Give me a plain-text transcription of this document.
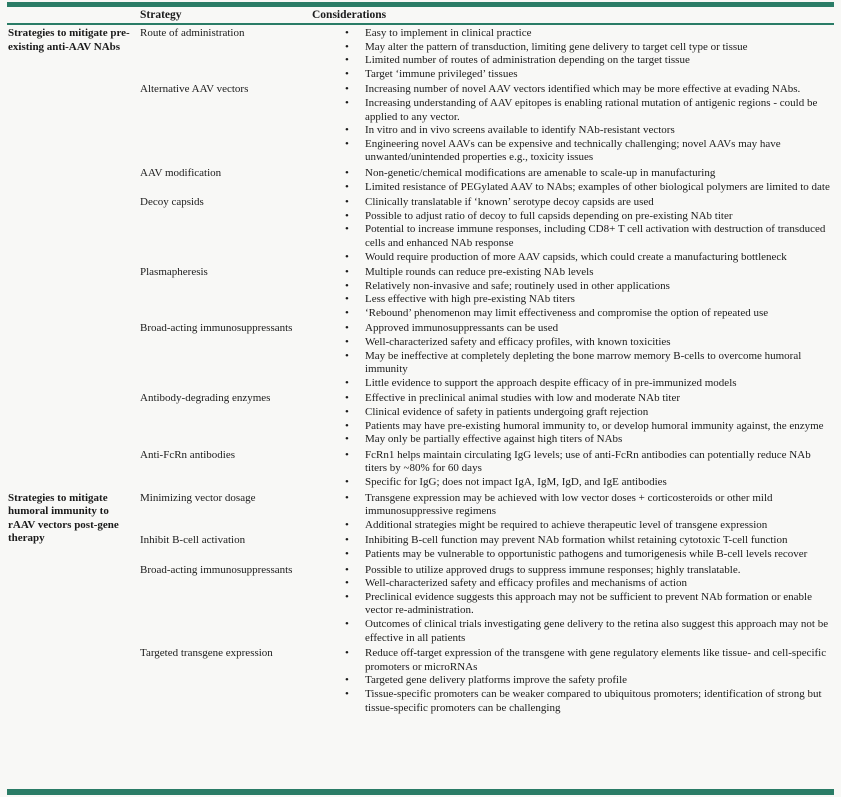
Strategy	Considerations
Strategies to mitigate pre-existing anti-AAV NAbs
Route of administration	•	Easy to implement in clinical practice
•	May alter the pattern of transduction, limiting gene delivery to target cell type or tissue
•	Limited number of routes of administration depending on the target tissue
•	Target ‘immune privileged’ tissues
Alternative AAV vectors	•	Increasing number of novel AAV vectors identified which may be more effective at evading NAbs.
•	Increasing understanding of AAV epitopes is enabling rational mutation of antigenic regions - could be applied to any vector.
•	In vitro and in vivo screens available to identify NAb-resistant vectors
•	Engineering novel AAVs can be expensive and technically challenging; novel AAVs may have unwanted/unintended properties e.g., toxicity issues
AAV modification	•	Non-genetic/chemical modifications are amenable to scale-up in manufacturing
•	Limited resistance of PEGylated AAV to NAbs; examples of other biological polymers are limited to date
Decoy capsids	•	Clinically translatable if ‘known’ serotype decoy capsids are used
•	Possible to adjust ratio of decoy to full capsids depending on pre-existing NAb titer
•	Potential to increase immune responses, including CD8+ T cell activation with destruction of transduced cells and enhanced NAb response
•	Would require production of more AAV capsids, which could create a manufacturing bottleneck
Plasmapheresis	•	Multiple rounds can reduce pre-existing NAb levels
•	Relatively non-invasive and safe; routinely used in other applications
•	Less effective with high pre-existing NAb titers
•	‘Rebound’ phenomenon may limit effectiveness and compromise the option of repeated use
Broad-acting immunosuppressants	•	Approved immunosuppressants can be used
•	Well-characterized safety and efficacy profiles, with known toxicities
•	May be ineffective at completely depleting the bone marrow memory B-cells to overcome humoral immunity
•	Little evidence to support the approach despite efficacy of in pre-immunized models
Antibody-degrading enzymes	•	Effective in preclinical animal studies with low and moderate NAb titer
•	Clinical evidence of safety in patients undergoing graft rejection
•	Patients may have pre-existing humoral immunity to, or develop humoral immunity against, the enzyme
•	May only be partially effective against high titers of NAbs
Anti-FcRn antibodies	•	FcRn1 helps maintain circulating IgG levels; use of anti-FcRn antibodies can potentially reduce NAb titers by ~80% for 60 days
•	Specific for IgG; does not impact IgA, IgM, IgD, and IgE antibodies
Strategies to mitigate humoral immunity to rAAV vectors post-gene therapy
Minimizing vector dosage	•	Transgene expression may be achieved with low vector doses + corticosteroids or other mild immunosuppressive regimens
•	Additional strategies might be required to achieve therapeutic level of transgene expression
Inhibit B-cell activation	•	Inhibiting B-cell function may prevent NAb formation whilst retaining cytotoxic T-cell function
•	Patients may be vulnerable to opportunistic pathogens and tumorigenesis while B-cell levels recover
Broad-acting immunosuppressants	•	Possible to utilize approved drugs to suppress immune responses; highly translatable.
•	Well-characterized safety and efficacy profiles and mechanisms of action
•	Preclinical evidence suggests this approach may not be sufficient to prevent NAb formation or enable vector re-administration.
•	Outcomes of clinical trials investigating gene delivery to the retina also suggest this approach may not be effective in all patients
Targeted transgene expression	•	Reduce off-target expression of the transgene with gene regulatory elements like tissue- and cell-specific promoters or microRNAs
•	Targeted gene delivery platforms improve the safety profile
•	Tissue-specific promoters can be weaker compared to ubiquitous promoters; identification of strong but tissue-specific promoters can be challenging
